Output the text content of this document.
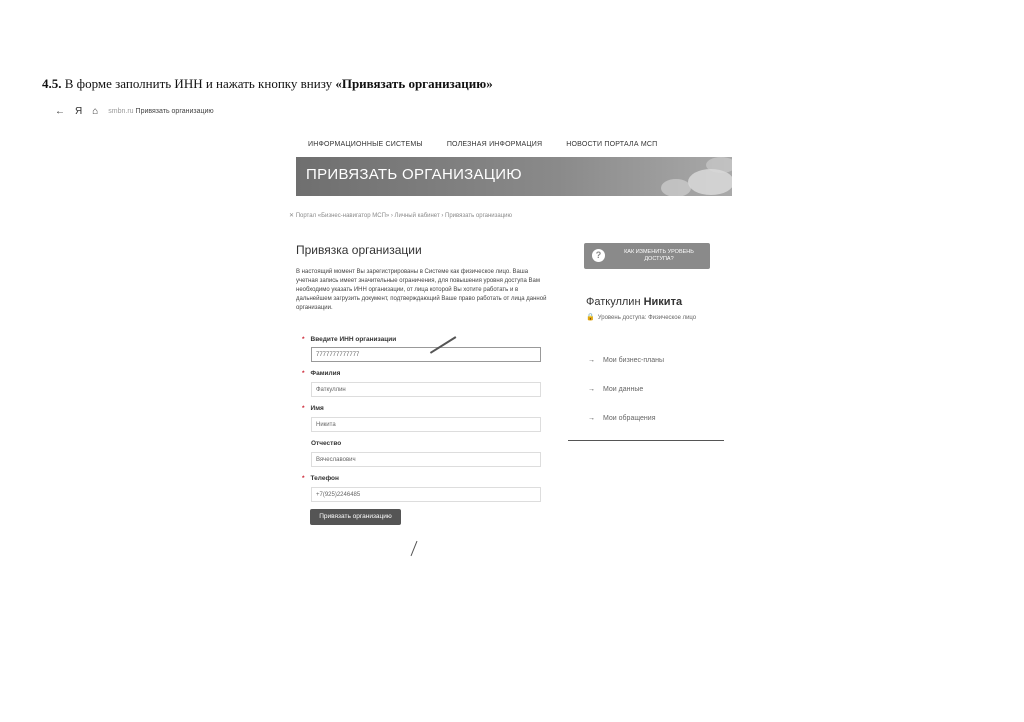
4.5. В форме заполнить ИНН и нажать кнопку внизу «Привязать организацию»
← Я ⌂ smbn.ru Привязать организацию
ИНФОРМАЦИОННЫЕ СИСТЕМЫ	ПОЛЕЗНАЯ ИНФОРМАЦИЯ	НОВОСТИ ПОРТАЛА МСП
ПРИВЯЗАТЬ ОРГАНИЗАЦИЮ
✕ Портал «Бизнес-навигатор МСП» › Личный кабинет › Привязать организацию
Привязка организации
В настоящий момент Вы зарегистрированы в Системе как физическое лицо. Ваша учетная запись имеет значительные ограничения, для повышения уровня доступа Вам необходимо указать ИНН организации, от лица которой Вы хотите работать и в дальнейшем загрузить документ, подтверждающий Ваше право работать от лица данной организации.
* Введите ИНН организации
7777777777777
* Фамилия
Фаткуллин
* Имя
Никита
Отчество
Вячеславович
* Телефон
+7(925)2246485
Привязать организацию
?	КАК ИЗМЕНИТЬ УРОВЕНЬ ДОСТУПА?
Фаткуллин Никита
🔒 Уровень доступа: Физическое лицо
→ Мои бизнес-планы
→ Мои данные
→ Мои обращения
